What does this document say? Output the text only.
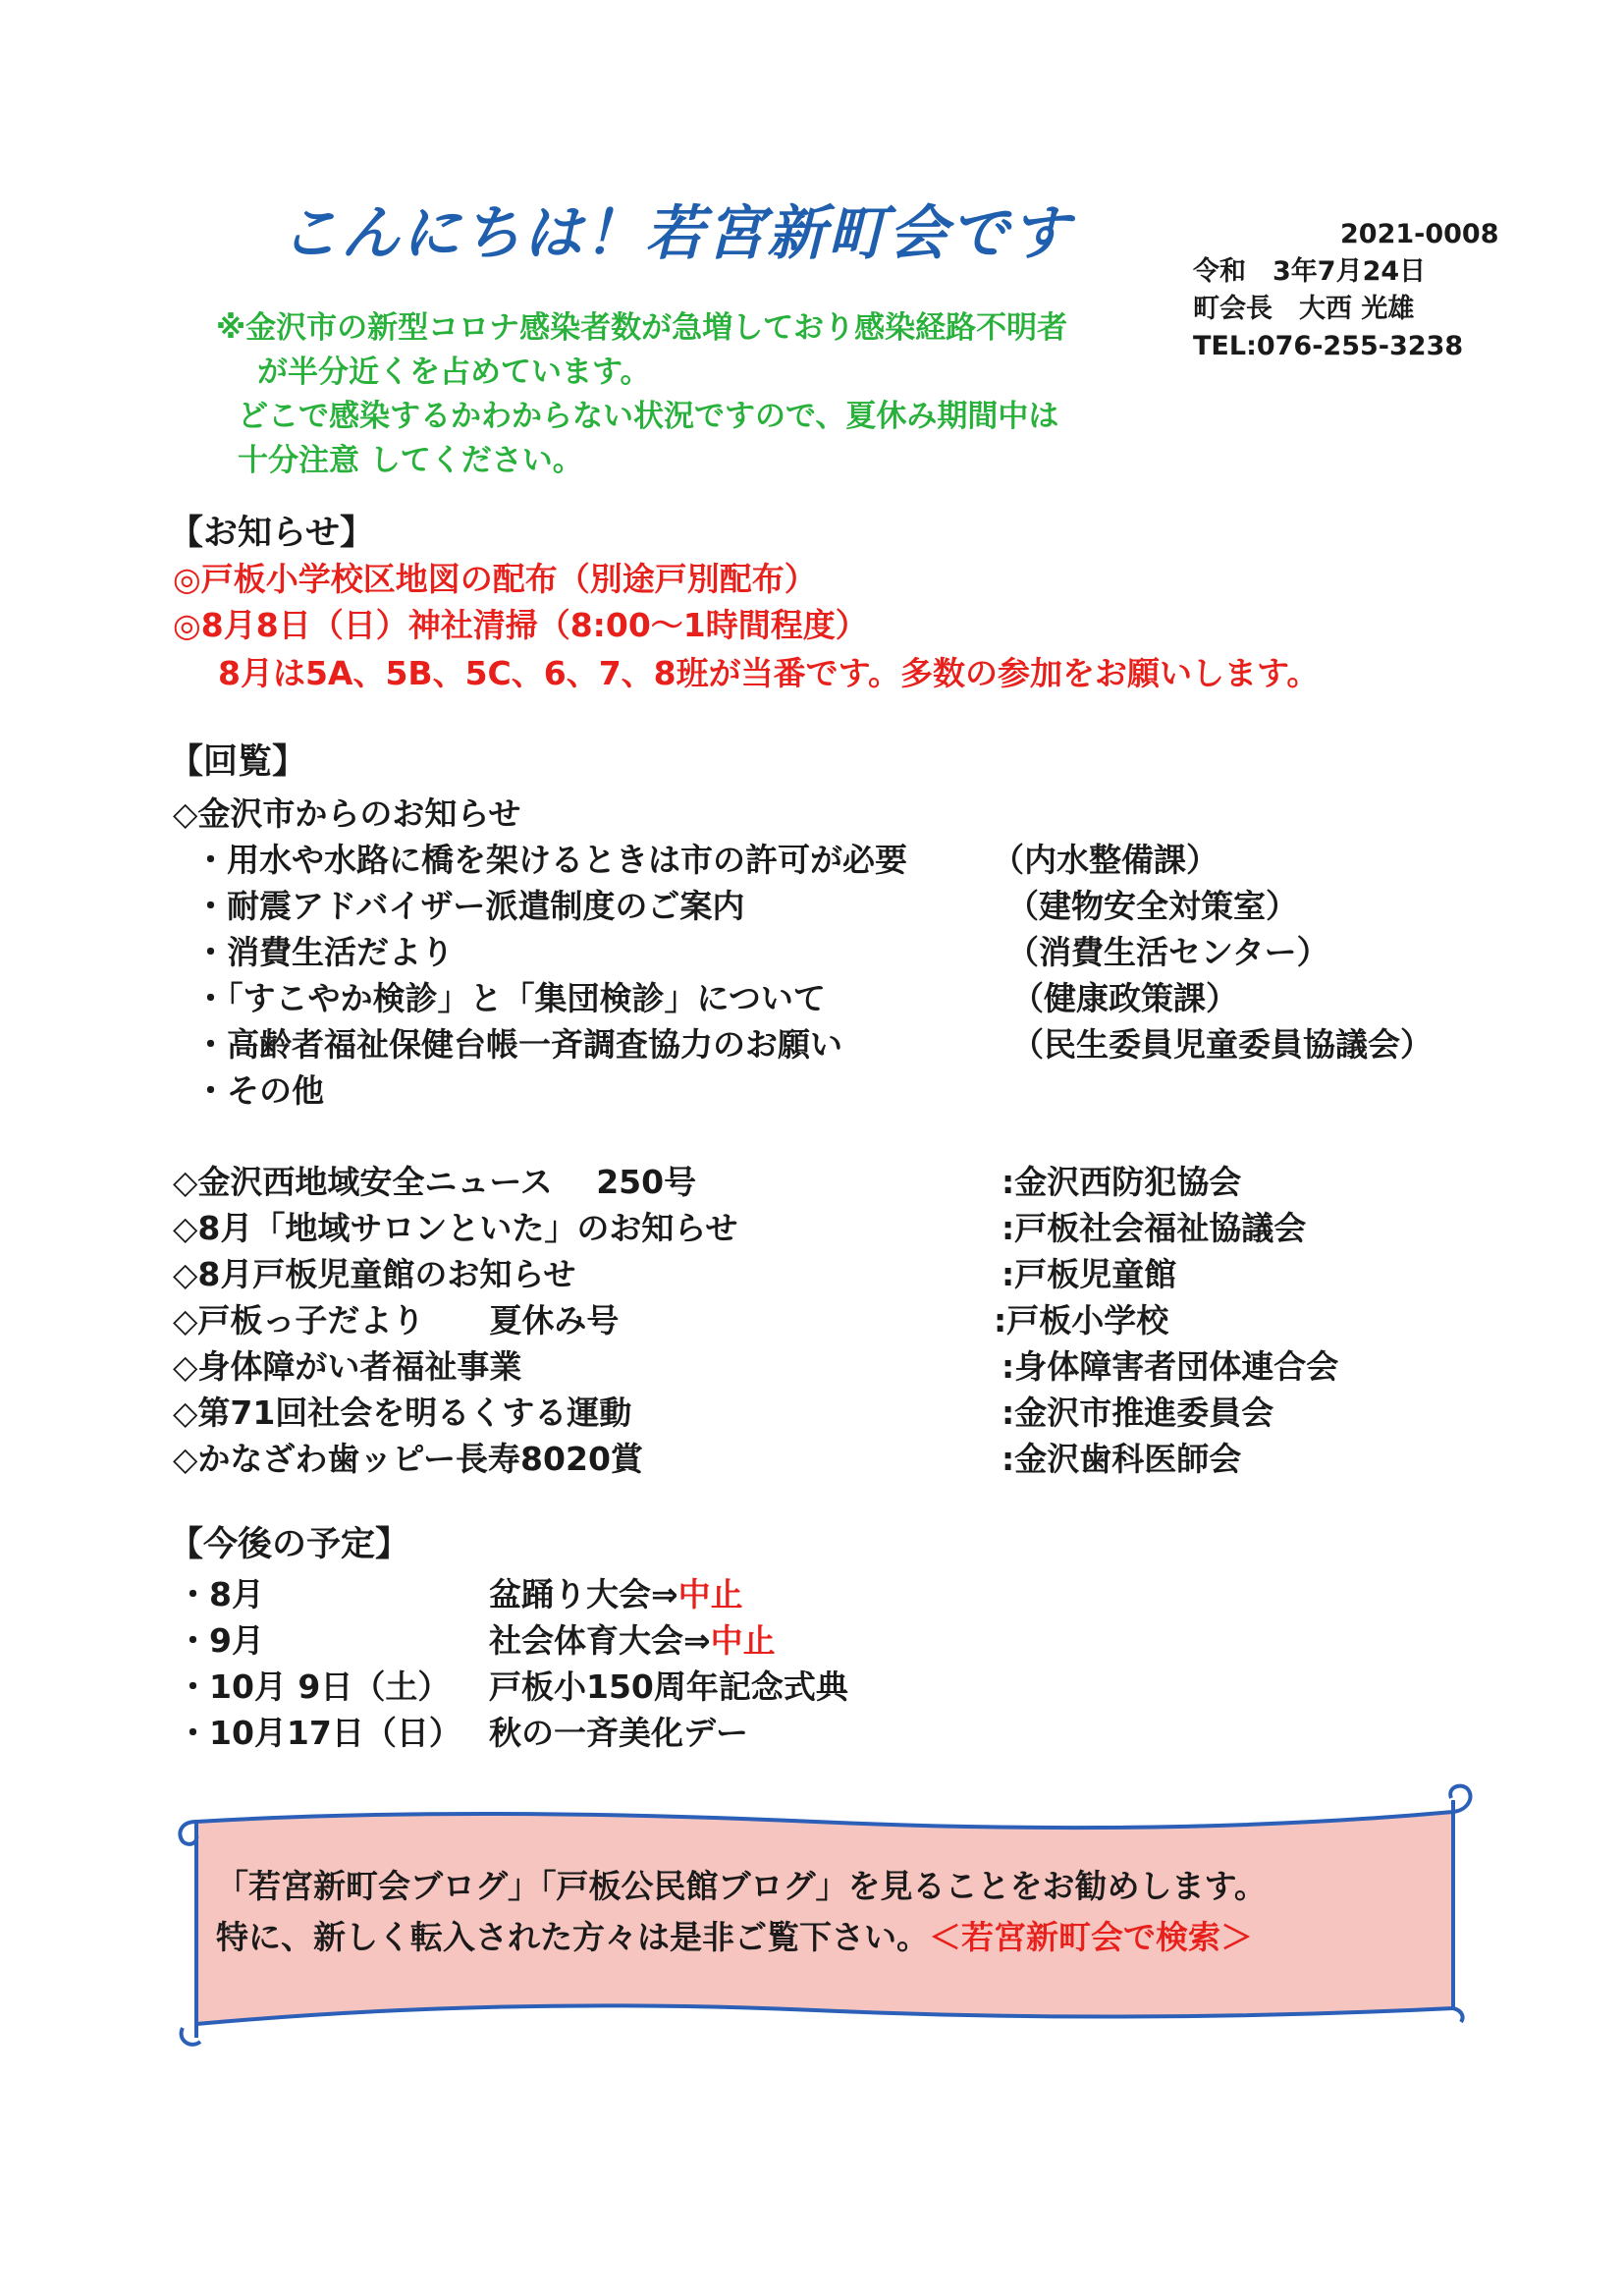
こんにちは！若宮新町会です	2021-0008
令和　3年7月24日
町会長　大西 光雄
TEL:076-255-3238
※金沢市の新型コロナ感染者数が急増しており感染経路不明者
が半分近くを占めています。
どこで感染するかわからない状況ですので、夏休み期間中は
十分注意 してください。
【お知らせ】
◎戸板小学校区地図の配布（別途戸別配布）
◎8月8日（日）神社清掃（8:00～1時間程度）
8月は5A、5B、5C、6、7、8班が当番です。多数の参加をお願いします。
【回覧】
◇金沢市からのお知らせ
・用水や水路に橋を架けるときは市の許可が必要	（内水整備課）
・耐震アドバイザー派遣制度のご案内	（建物安全対策室）
・消費生活だより	（消費生活センター）
・「すこやか検診」と「集団検診」について	（健康政策課）
・高齢者福祉保健台帳一斉調査協力のお願い	（民生委員児童委員協議会）
・その他
◇金沢西地域安全ニュース　 250号	:金沢西防犯協会
◇8月「地域サロンといた」のお知らせ	:戸板社会福祉協議会
◇8月戸板児童館のお知らせ	:戸板児童館
◇戸板っ子だより　　夏休み号	:戸板小学校
◇身体障がい者福祉事業	:身体障害者団体連合会
◇第71回社会を明るくする運動	:金沢市推進委員会
◇かなざわ歯ッピー長寿8020賞	:金沢歯科医師会
【今後の予定】
・8月	盆踊り大会⇒中止
・9月	社会体育大会⇒中止
・10月 9日（土） 戸板小150周年記念式典
・10月17日（日） 秋の一斉美化デー
「若宮新町会ブログ」「戸板公民館ブログ」を見ることをお勧めします。
特に、新しく転入された方々は是非ご覧下さい。＜若宮新町会で検索＞
